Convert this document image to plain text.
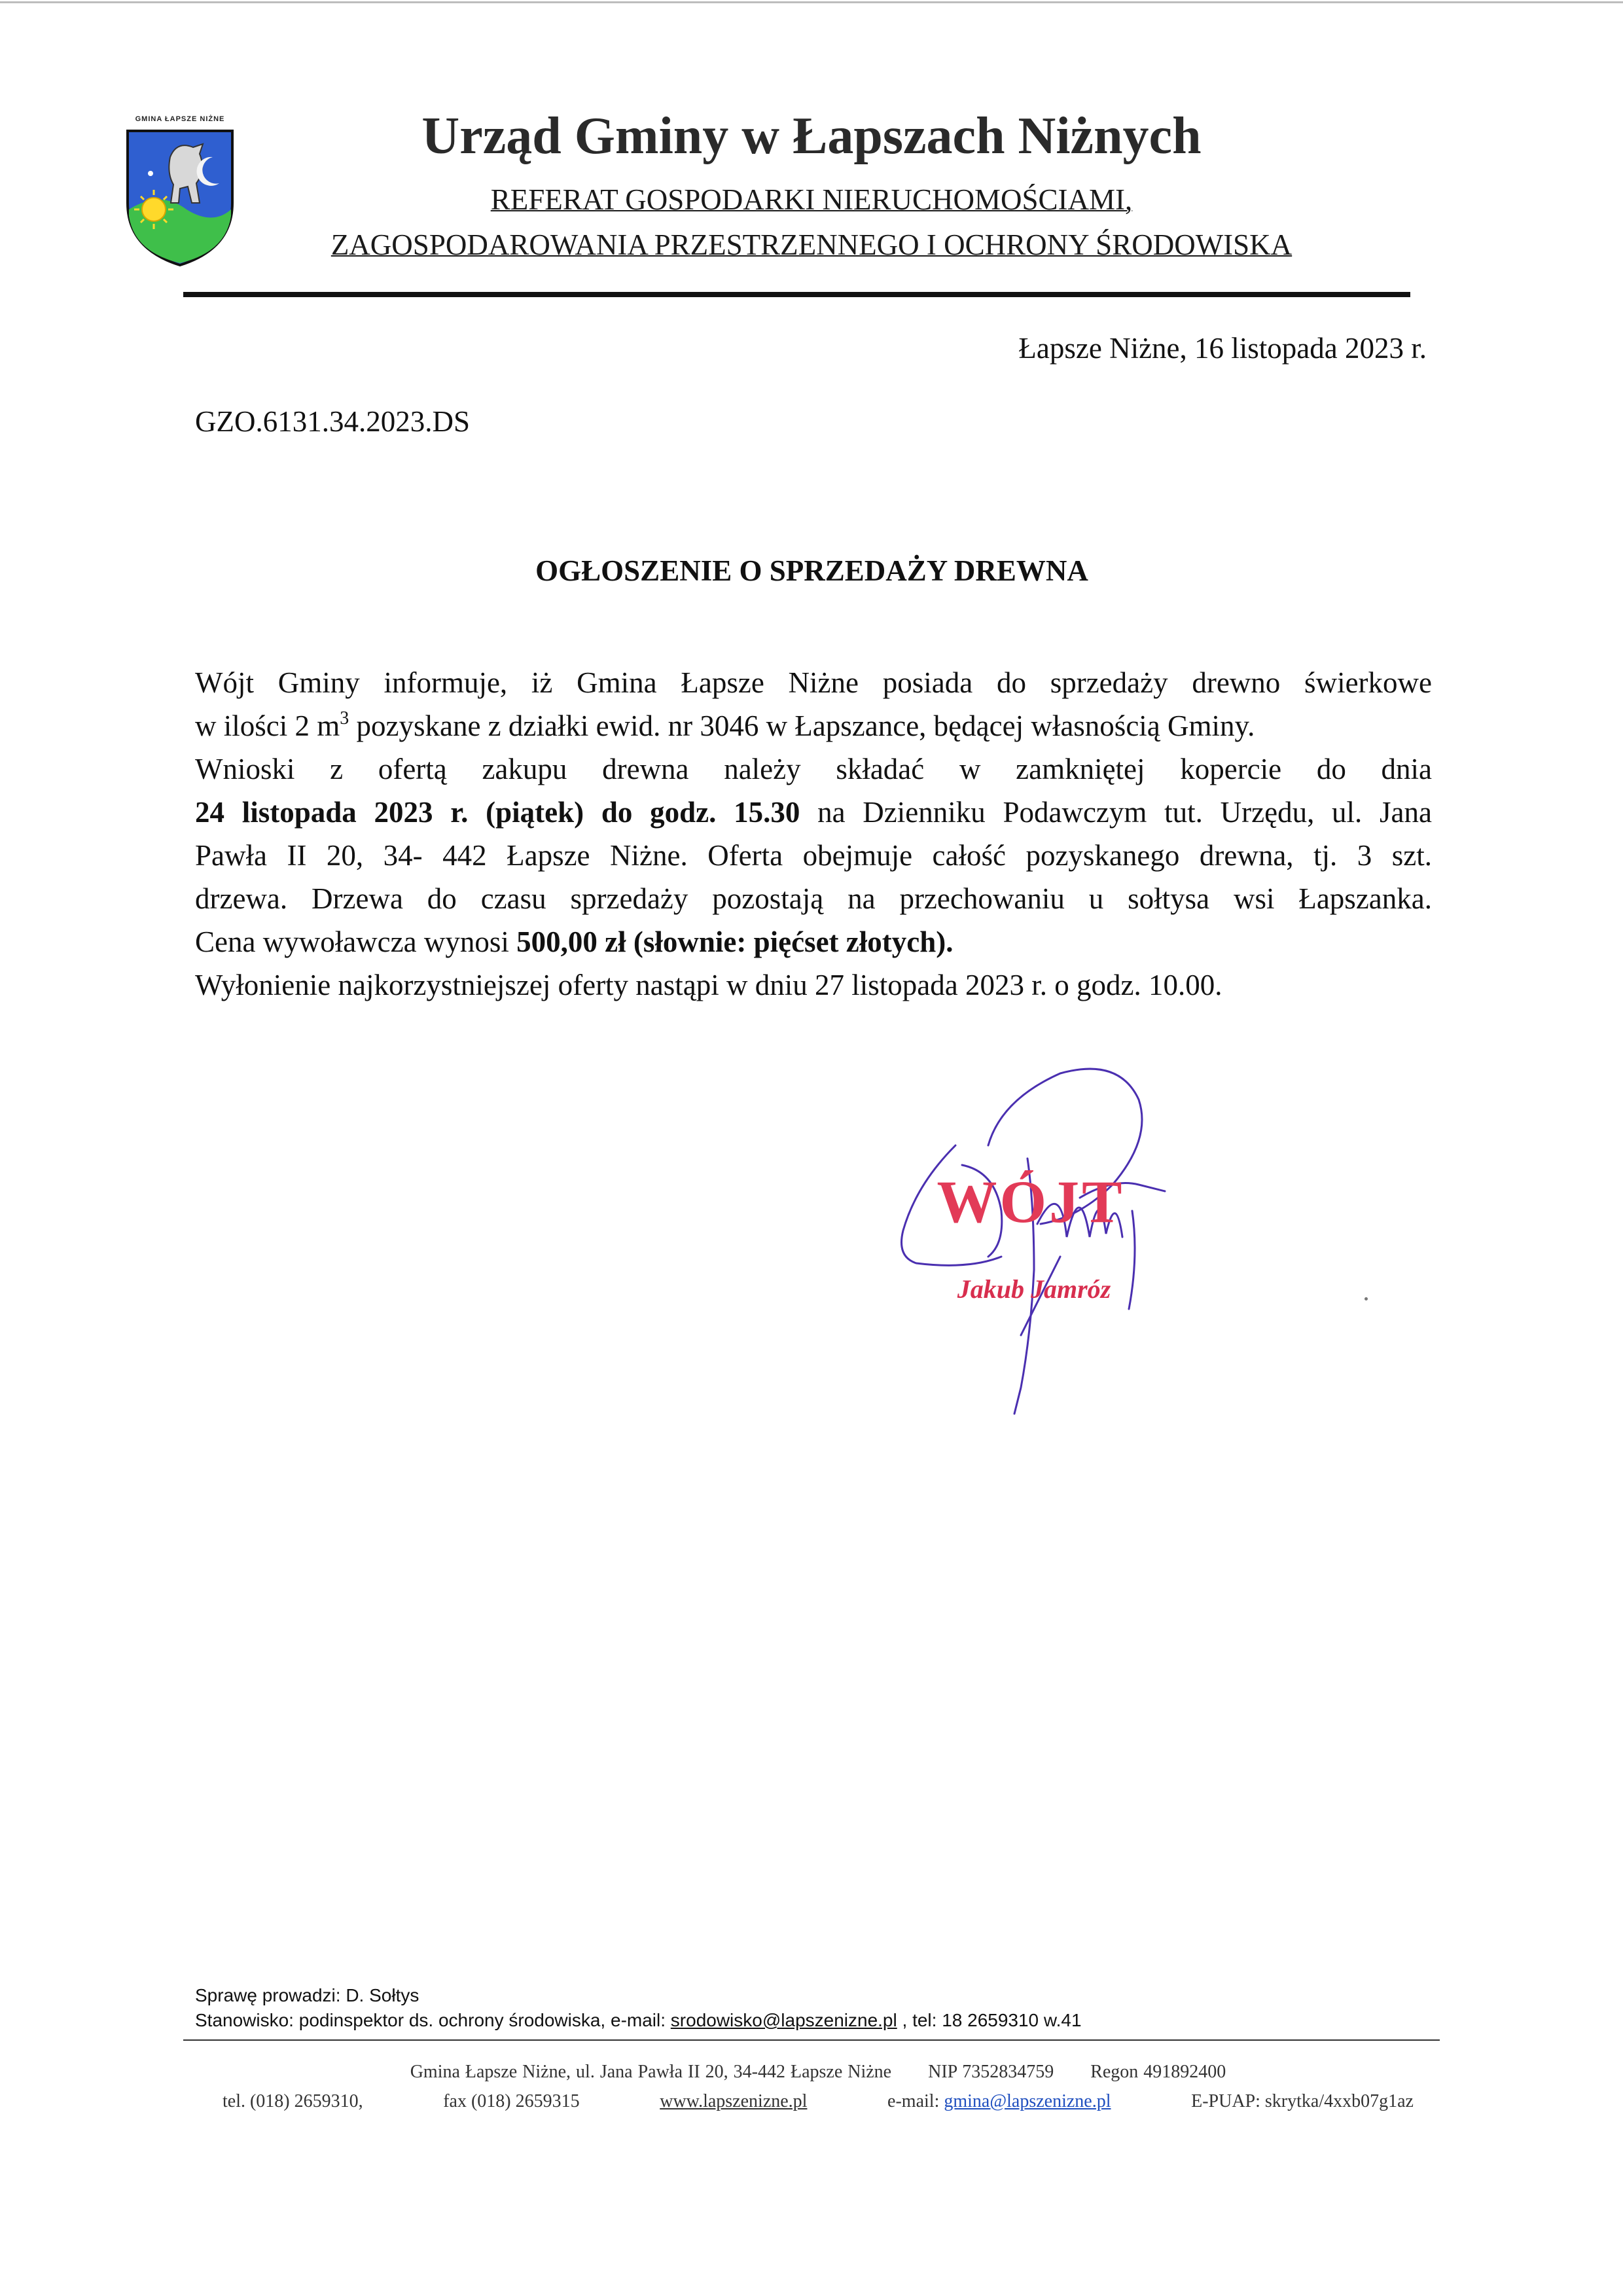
GMINA ŁAPSZE NIŻNE	Urząd Gminy w Łapszach Niżnych
REFERAT GOSPODARKI NIERUCHOMOŚCIAMI,
ZAGOSPODAROWANIA PRZESTRZENNEGO I OCHRONY ŚRODOWISKA
Łapsze Niżne, 16 listopada 2023 r.
GZO.6131.34.2023.DS
OGŁOSZENIE O SPRZEDAŻY DREWNA

Wójt Gminy informuje, iż Gmina Łapsze Niżne posiada do sprzedaży drewno świerkowe

w ilości 2 $m^3$ pozyskane z działki ewid. nr 3046 w Łapszance, będącej własnością Gminy.

Wnioski z ofertą zakupu drewna należy składać w zamkniętej kopercie do dnia

24 listopada 2023 r. (piątek) do godz. 15.30 na Dzienniku Podawczym tut. Urzędu, ul. Jana

Pawła II 20, 34- 442 Łapsze Niżne. Oferta obejmuje całość pozyskanego drewna, tj. 3 szt.

drzewa. Drzewa do czasu sprzedaży pozostają na przechowaniu u sołtysa wsi Łapszanka.

Cena wywoławcza wynosi 500,00 zł (słownie: pięćset złotych).

Wyłonienie najkorzystniejszej oferty nastąpi w dniu 27 listopada 2023 r. o godz. 10.00.

WÓJT
Jakub Jamróz
Sprawę prowadzi: D. Sołtys
Stanowisko: podinspektor ds. ochrony środowiska, e-mail: srodowisko@lapszenizne.pl , tel: 18 2659310 w.41
Gmina Łapsze Niżne, ul. Jana Pawła II 20, 34-442 Łapsze Niżne NIP 7352834759 Regon 491892400
tel. (018) 2659310,	fax (018) 2659315	www.lapszenizne.pl	e-mail: gmina@lapszenizne.pl	E-PUAP: skrytka/4xxb07g1az
